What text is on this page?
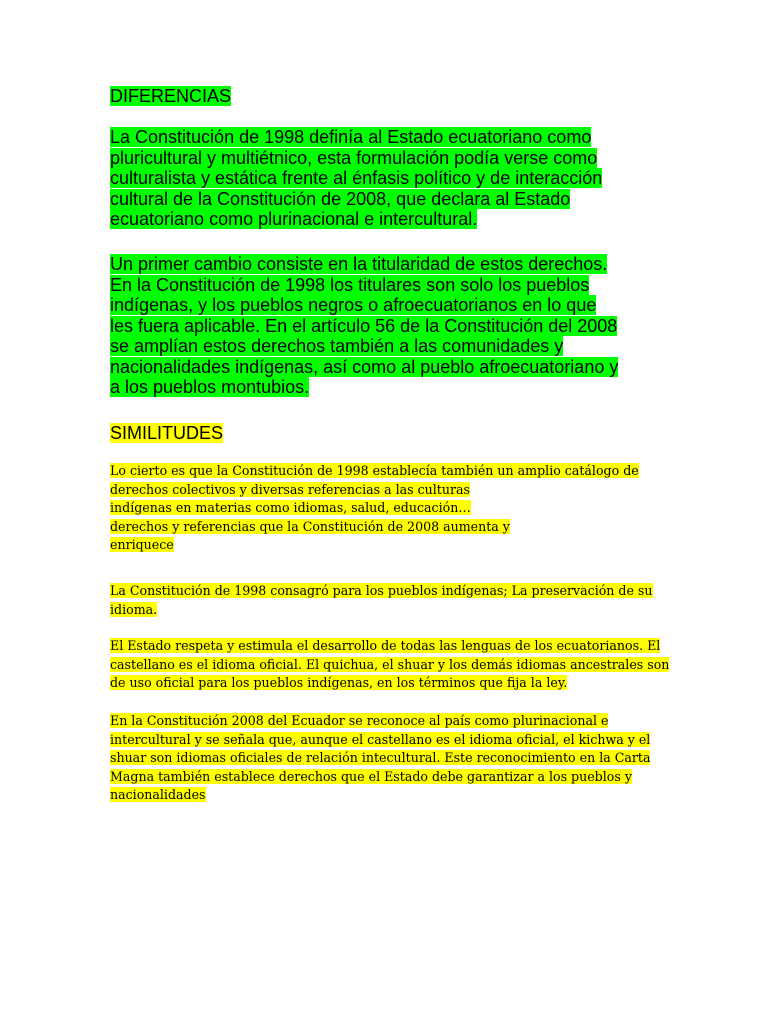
DIFERENCIAS

La Constitución de 1998 definía al Estado ecuatoriano como
pluricultural y multiétnico, esta formulación podía verse como
culturalista y estática frente al énfasis político y de interacción
cultural de la Constitución de 2008, que declara al Estado
ecuatoriano como plurinacional e intercultural.

Un primer cambio consiste en la titularidad de estos derechos.
En la Constitución de 1998 los titulares son solo los pueblos
indígenas, y los pueblos negros o afroecuatorianos en lo que
les fuera aplicable. En el artículo 56 de la Constitución del 2008
se amplían estos derechos también a las comunidades y
nacionalidades indígenas, así como al pueblo afroecuatoriano y
a los pueblos montubios.

SIMILITUDES

Lo cierto es que la Constitución de 1998 establecía también un amplio catálogo de
derechos colectivos y diversas referencias a las culturas
indígenas en materias como idiomas, salud, educación…
derechos y referencias que la Constitución de 2008 aumenta y
enriquece

La Constitución de 1998 consagró para los pueblos indígenas; La preservación de su
idioma.

El Estado respeta y estimula el desarrollo de todas las lenguas de los ecuatorianos. El
castellano es el idioma oficial. El quichua, el shuar y los demás idiomas ancestrales son
de uso oficial para los pueblos indígenas, en los términos que fija la ley.

En la Constitución 2008 del Ecuador se reconoce al país como plurinacional e
intercultural y se señala que, aunque el castellano es el idioma oficial, el kichwa y el
shuar son idiomas oficiales de relación intecultural. Este reconocimiento en la Carta
Magna también establece derechos que el Estado debe garantizar a los pueblos y
nacionalidades
